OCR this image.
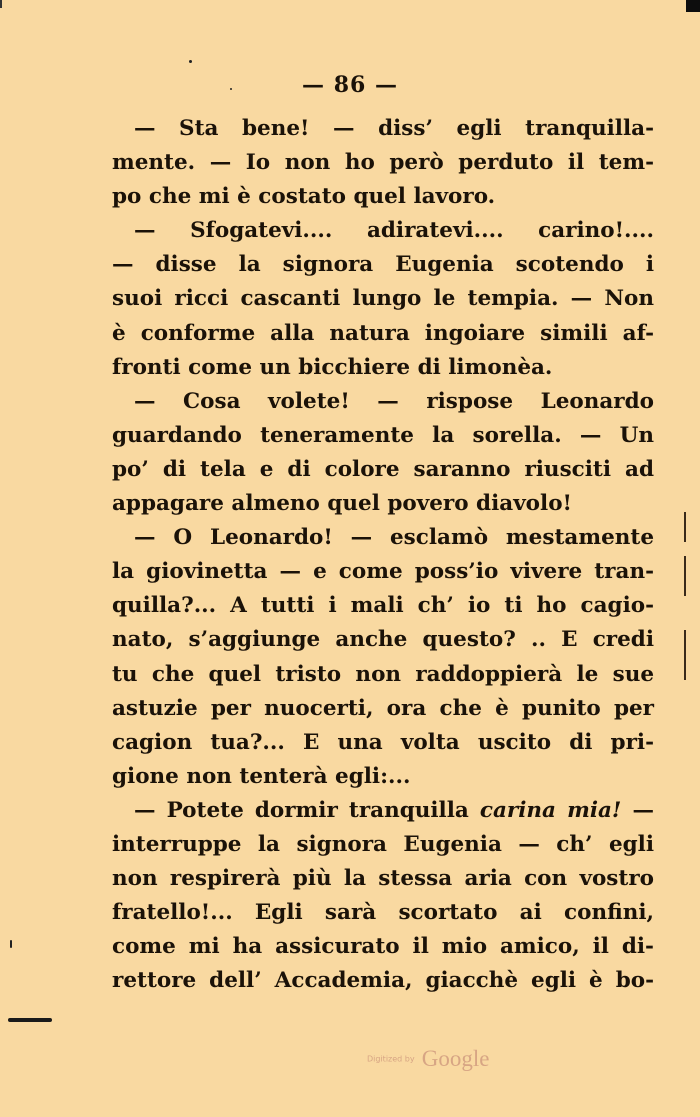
— 86 —
— Sta bene! — diss’ egli tranquilla-
mente. — Io non ho però perduto il tem-
po che mi è costato quel lavoro.
— Sfogatevi.... adiratevi.... carino!....
— disse la signora Eugenia scotendo i
suoi ricci cascanti lungo le tempia. — Non
è conforme alla natura ingoiare simili af-
fronti come un bicchiere di limonèa.
— Cosa volete! — rispose Leonardo
guardando teneramente la sorella. — Un
po’ di tela e di colore saranno riusciti ad
appagare almeno quel povero diavolo!
— O Leonardo! — esclamò mestamente
la giovinetta — e come poss’io vivere tran-
quilla?... A tutti i mali ch’ io ti ho cagio-
nato, s’aggiunge anche questo? .. E credi
tu che quel tristo non raddoppierà le sue
astuzie per nuocerti, ora che è punito per
cagion tua?... E una volta uscito di pri-
gione non tenterà egli:...
— Potete dormir tranquilla carina mia! —
interruppe la signora Eugenia — ch’ egli
non respirerà più la stessa aria con vostro
fratello!... Egli sarà scortato ai confini,
come mi ha assicurato il mio amico, il di-
rettore dell’ Accademia, giacchè egli è bo-
Digitized by Google
